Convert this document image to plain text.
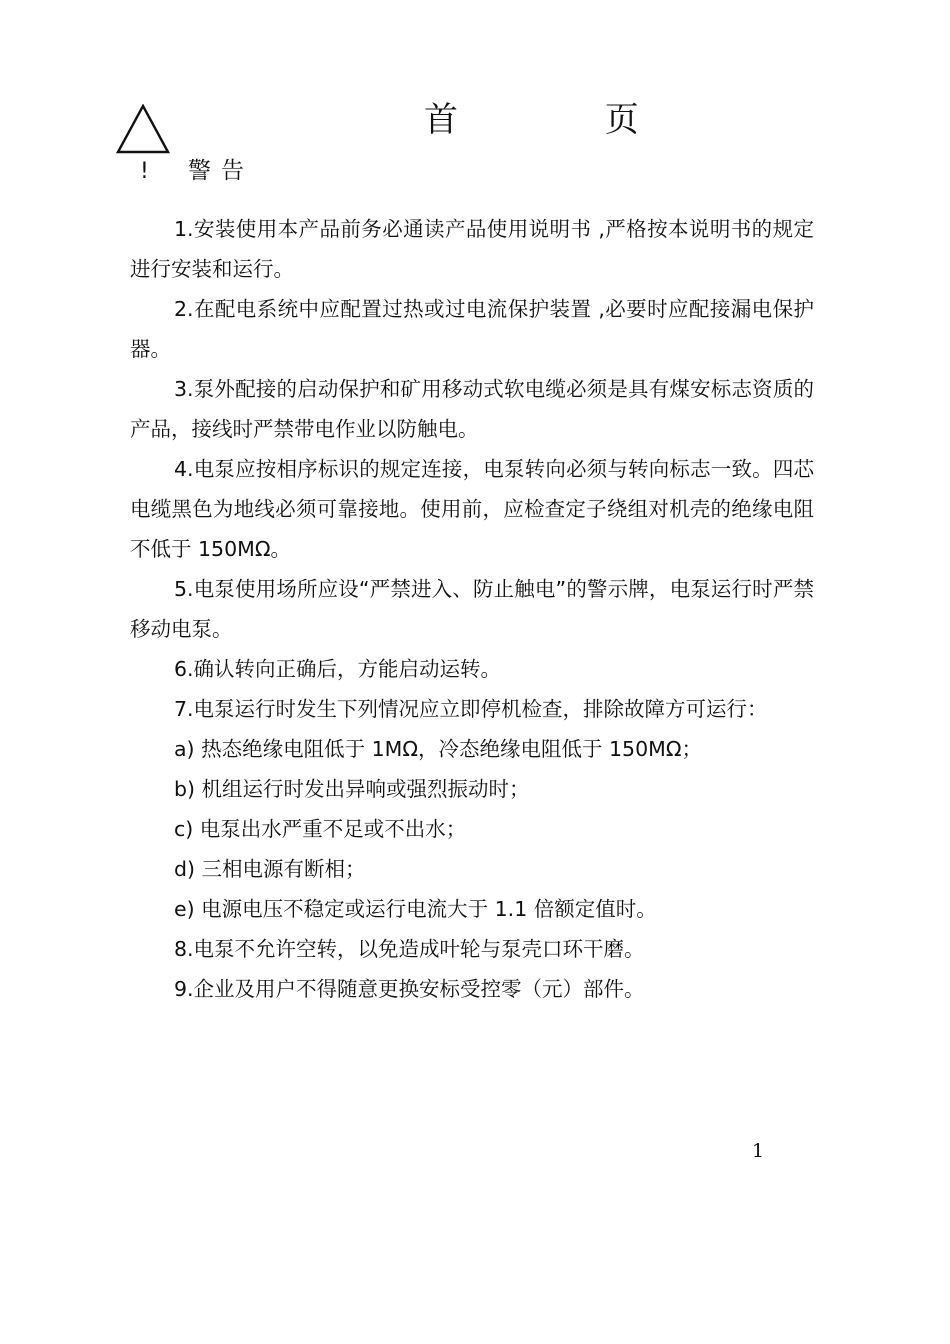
! 警告
首 页

1.安装使用本产品前务必通读产品使用说明书 ,严格按本说明书的规定进行安装和运行。

2.在配电系统中应配置过热或过电流保护装置 ,必要时应配接漏电保护器。

3.泵外配接的启动保护和矿用移动式软电缆必须是具有煤安标志资质的产品，接线时严禁带电作业以防触电。

4.电泵应按相序标识的规定连接，电泵转向必须与转向标志一致。四芯电缆黑色为地线必须可靠接地。使用前，应检查定子绕组对机壳的绝缘电阻不低于 150MΩ。

5.电泵使用场所应设“严禁进入、防止触电”的警示牌，电泵运行时严禁移动电泵。

6.确认转向正确后，方能启动运转。

7.电泵运行时发生下列情况应立即停机检查，排除故障方可运行：

a) 热态绝缘电阻低于 1MΩ，冷态绝缘电阻低于 150MΩ；

b) 机组运行时发出异响或强烈振动时；

c) 电泵出水严重不足或不出水；

d) 三相电源有断相；

e) 电源电压不稳定或运行电流大于 1.1 倍额定值时。

8.电泵不允许空转，以免造成叶轮与泵壳口环干磨。

9.企业及用户不得随意更换安标受控零（元）部件。

1
